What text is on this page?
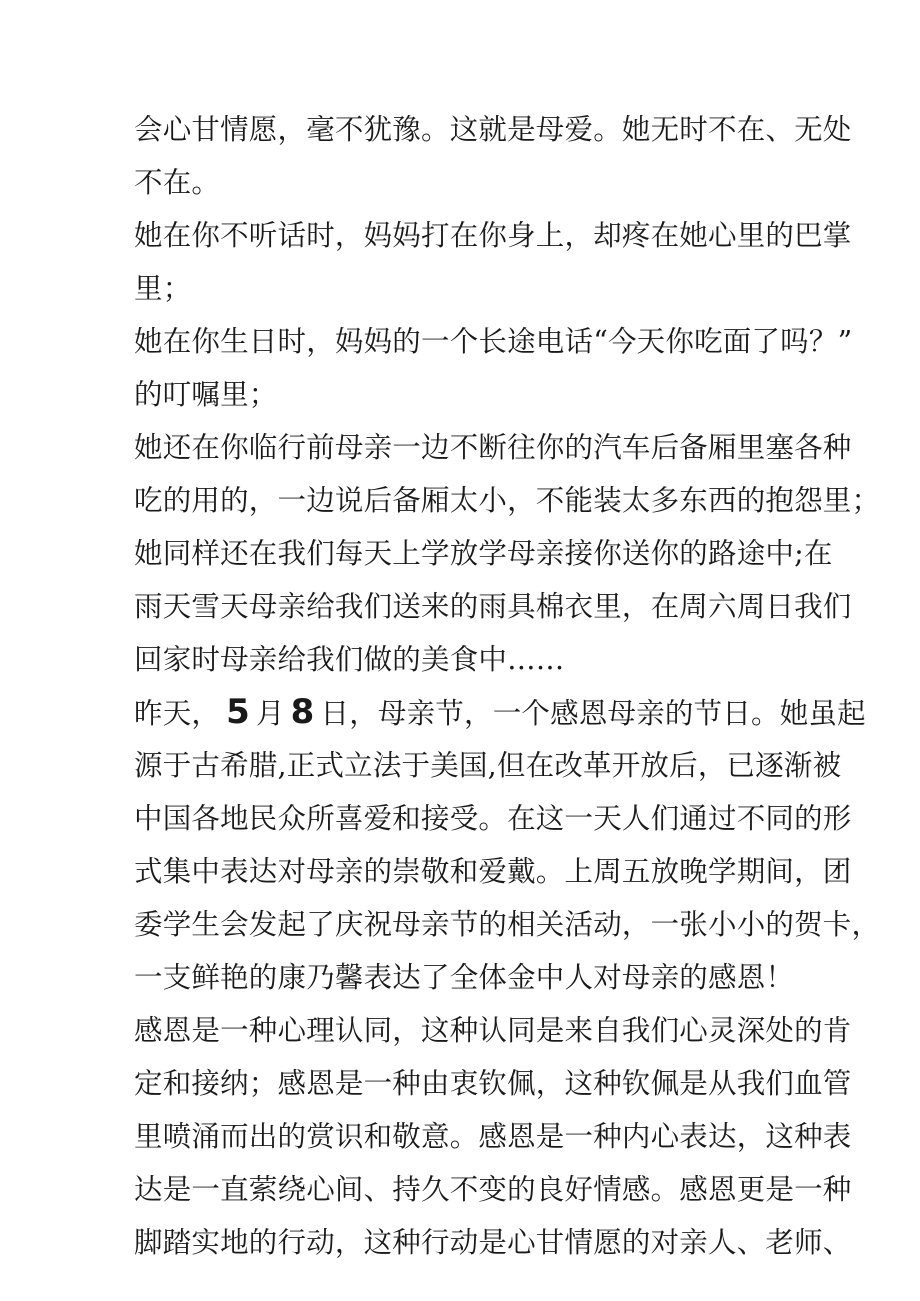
会心甘情愿，毫不犹豫。这就是母爱。她无时不在、无处
不在。
她在你不听话时，妈妈打在你身上，却疼在她心里的巴掌
里；
她在你生日时，妈妈的一个长途电话“今天你吃面了吗？”
的叮嘱里；
她还在你临行前母亲一边不断往你的汽车后备厢里塞各种
吃的用的，一边说后备厢太小，不能装太多东西的抱怨里；
她同样还在我们每天上学放学母亲接你送你的路途中;在
雨天雪天母亲给我们送来的雨具棉衣里，在周六周日我们
回家时母亲给我们做的美食中……
昨天， 5 月 8 日，母亲节，一个感恩母亲的节日。她虽起
源于古希腊,正式立法于美国,但在改革开放后，已逐渐被
中国各地民众所喜爱和接受。在这一天人们通过不同的形
式集中表达对母亲的崇敬和爱戴。上周五放晚学期间，团
委学生会发起了庆祝母亲节的相关活动，一张小小的贺卡，
一支鲜艳的康乃馨表达了全体金中人对母亲的感恩！
感恩是一种心理认同，这种认同是来自我们心灵深处的肯
定和接纳；感恩是一种由衷钦佩，这种钦佩是从我们血管
里喷涌而出的赏识和敬意。感恩是一种内心表达，这种表
达是一直萦绕心间、持久不变的良好情感。感恩更是一种
脚踏实地的行动，这种行动是心甘情愿的对亲人、老师、
